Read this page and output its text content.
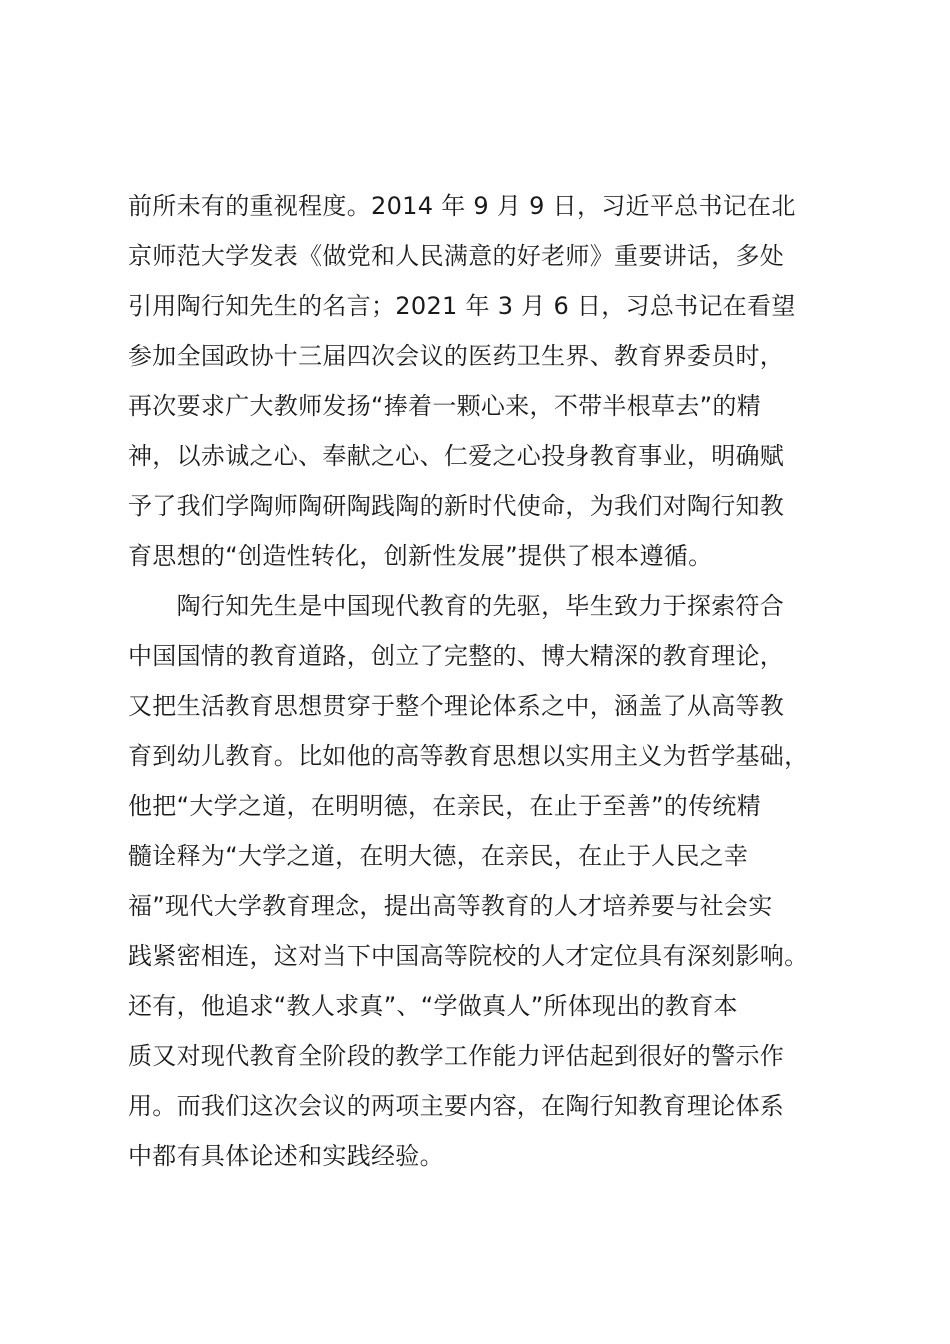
前所未有的重视程度。2014 年 9 月 9 日，习近平总书记在北
京师范大学发表《做党和人民满意的好老师》重要讲话，多处
引用陶行知先生的名言；2021 年 3 月 6 日，习总书记在看望
参加全国政协十三届四次会议的医药卫生界、教育界委员时，
再次要求广大教师发扬“捧着一颗心来，不带半根草去”的精
神，以赤诚之心、奉献之心、仁爱之心投身教育事业，明确赋
予了我们学陶师陶研陶践陶的新时代使命，为我们对陶行知教
育思想的“创造性转化，创新性发展”提供了根本遵循。
　　陶行知先生是中国现代教育的先驱，毕生致力于探索符合
中国国情的教育道路，创立了完整的、博大精深的教育理论，
又把生活教育思想贯穿于整个理论体系之中，涵盖了从高等教
育到幼儿教育。比如他的高等教育思想以实用主义为哲学基础，
他把“大学之道，在明明德，在亲民，在止于至善”的传统精
髓诠释为“大学之道，在明大德，在亲民，在止于人民之幸
福”现代大学教育理念，提出高等教育的人才培养要与社会实
践紧密相连，这对当下中国高等院校的人才定位具有深刻影响。
还有，他追求“教人求真”、“学做真人”所体现出的教育本
质又对现代教育全阶段的教学工作能力评估起到很好的警示作
用。而我们这次会议的两项主要内容，在陶行知教育理论体系
中都有具体论述和实践经验。
